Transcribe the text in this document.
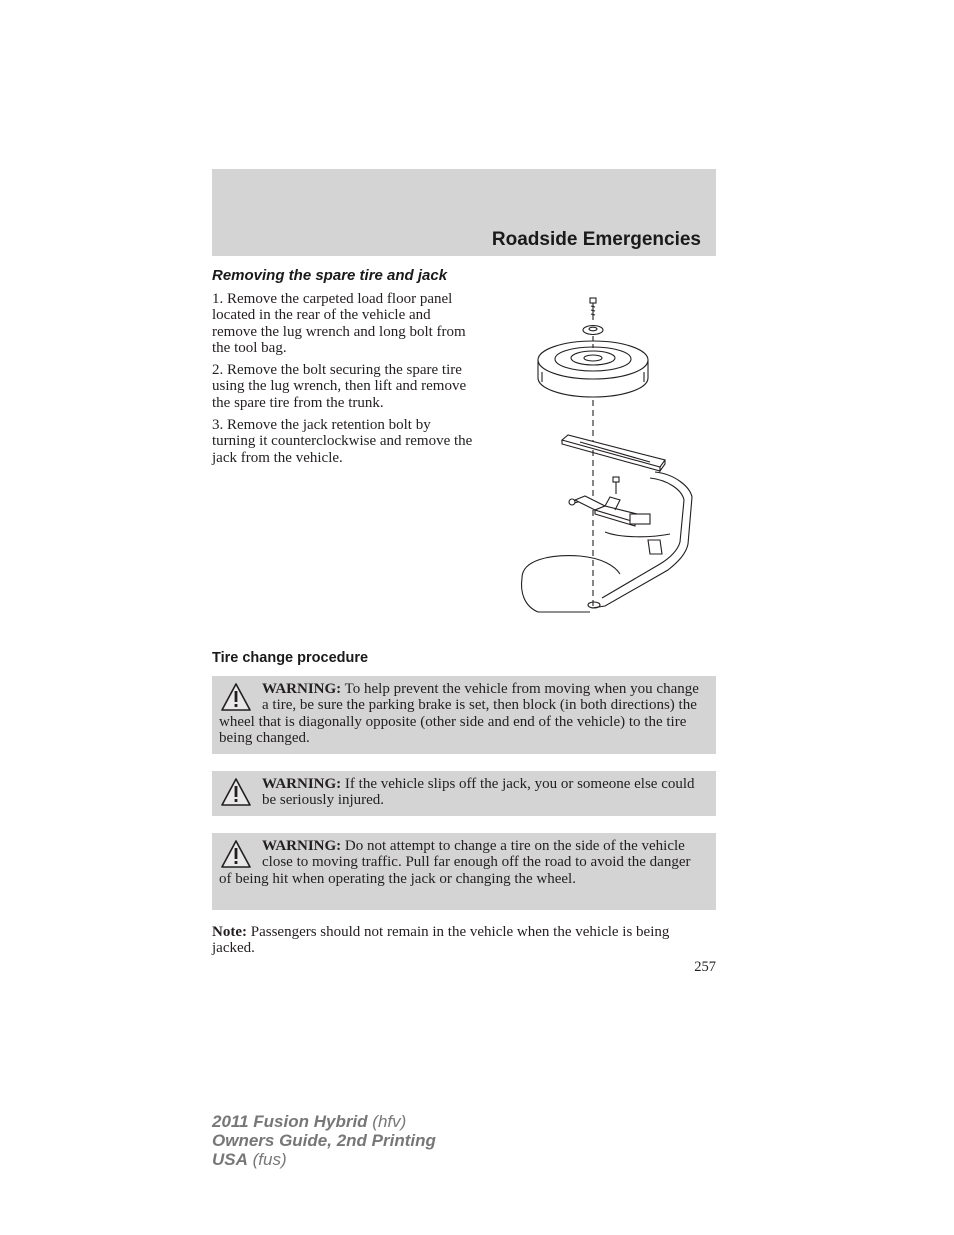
Roadside Emergencies
Removing the spare tire and jack

1. Remove the carpeted load floor panel located in the rear of the vehicle and remove the lug wrench and long bolt from the tool bag.

2. Remove the bolt securing the spare tire using the lug wrench, then lift and remove the spare tire from the trunk.

3. Remove the jack retention bolt by turning it counterclockwise and remove the jack from the vehicle.

Tire change procedure
WARNING: To help prevent the vehicle from moving when you change a tire, be sure the parking brake is set, then block (in both directions) the wheel that is diagonally opposite (other side and end of the vehicle) to the tire being changed.
WARNING: If the vehicle slips off the jack, you or someone else could be seriously injured.
WARNING: Do not attempt to change a tire on the side of the vehicle close to moving traffic. Pull far enough off the road to avoid the danger of being hit when operating the jack or changing the wheel.
Note: Passengers should not remain in the vehicle when the vehicle is being jacked.
257
2011 Fusion Hybrid (hfv)
Owners Guide, 2nd Printing
USA (fus)
